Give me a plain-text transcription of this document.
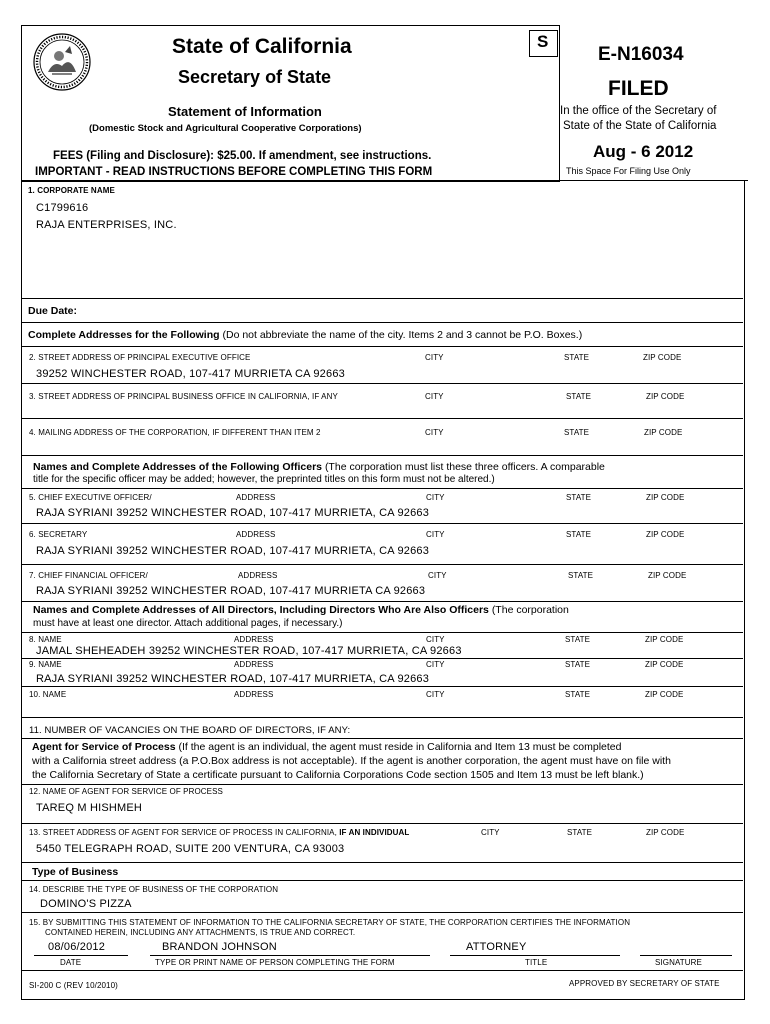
State of California
Secretary of State
S
Statement of Information
(Domestic Stock and Agricultural Cooperative Corporations)
FEES (Filing and Disclosure): $25.00. If amendment, see instructions.
IMPORTANT - READ INSTRUCTIONS BEFORE COMPLETING THIS FORM
E-N16034
FILED
In the office of the Secretary of
State of the State of California
Aug - 6 2012
This Space For Filing Use Only
1. CORPORATE NAME
C1799616
RAJA ENTERPRISES, INC.
Due Date:
Complete Addresses for the Following (Do not abbreviate the name of the city. Items 2 and 3 cannot be P.O. Boxes.)
2. STREET ADDRESS OF PRINCIPAL EXECUTIVE OFFICE	CITY	STATE	ZIP CODE
39252 WINCHESTER ROAD, 107-417 MURRIETA CA 92663
3. STREET ADDRESS OF PRINCIPAL BUSINESS OFFICE IN CALIFORNIA, IF ANY	CITY	STATE	ZIP CODE
4. MAILING ADDRESS OF THE CORPORATION, IF DIFFERENT THAN ITEM 2	CITY	STATE	ZIP CODE
Names and Complete Addresses of the Following Officers (The corporation must list these three officers. A comparable
title for the specific officer may be added; however, the preprinted titles on this form must not be altered.)
5. CHIEF EXECUTIVE OFFICER/	ADDRESS	CITY	STATE	ZIP CODE
RAJA SYRIANI 39252 WINCHESTER ROAD, 107-417 MURRIETA, CA 92663
6. SECRETARY	ADDRESS	CITY	STATE	ZIP CODE
RAJA SYRIANI 39252 WINCHESTER ROAD, 107-417 MURRIETA, CA 92663
7. CHIEF FINANCIAL OFFICER/	ADDRESS	CITY	STATE	ZIP CODE
RAJA SYRIANI 39252 WINCHESTER ROAD, 107-417 MURRIETA CA 92663
Names and Complete Addresses of All Directors, Including Directors Who Are Also Officers (The corporation
must have at least one director. Attach additional pages, if necessary.)
8. NAME	ADDRESS	CITY	STATE	ZIP CODE
JAMAL SHEHEADEH 39252 WINCHESTER ROAD, 107-417 MURRIETA, CA 92663
9. NAME	ADDRESS	CITY	STATE	ZIP CODE
RAJA SYRIANI 39252 WINCHESTER ROAD, 107-417 MURRIETA, CA 92663
10. NAME	ADDRESS	CITY	STATE	ZIP CODE
11. NUMBER OF VACANCIES ON THE BOARD OF DIRECTORS, IF ANY:
Agent for Service of Process (If the agent is an individual, the agent must reside in California and Item 13 must be completed
with a California street address (a P.O.Box address is not acceptable). If the agent is another corporation, the agent must have on file with
the California Secretary of State a certificate pursuant to California Corporations Code section 1505 and Item 13 must be left blank.)
12. NAME OF AGENT FOR SERVICE OF PROCESS
TAREQ M HISHMEH
13. STREET ADDRESS OF AGENT FOR SERVICE OF PROCESS IN CALIFORNIA, IF AN INDIVIDUAL	CITY	STATE	ZIP CODE
5450 TELEGRAPH ROAD, SUITE 200 VENTURA, CA 93003
Type of Business
14. DESCRIBE THE TYPE OF BUSINESS OF THE CORPORATION
DOMINO'S PIZZA
15. BY SUBMITTING THIS STATEMENT OF INFORMATION TO THE CALIFORNIA SECRETARY OF STATE, THE CORPORATION CERTIFIES THE INFORMATION
CONTAINED HEREIN, INCLUDING ANY ATTACHMENTS, IS TRUE AND CORRECT.
08/06/2012	BRANDON JOHNSON	ATTORNEY
DATE	TYPE OR PRINT NAME OF PERSON COMPLETING THE FORM	TITLE	SIGNATURE
SI-200 C (REV 10/2010)	APPROVED BY SECRETARY OF STATE
